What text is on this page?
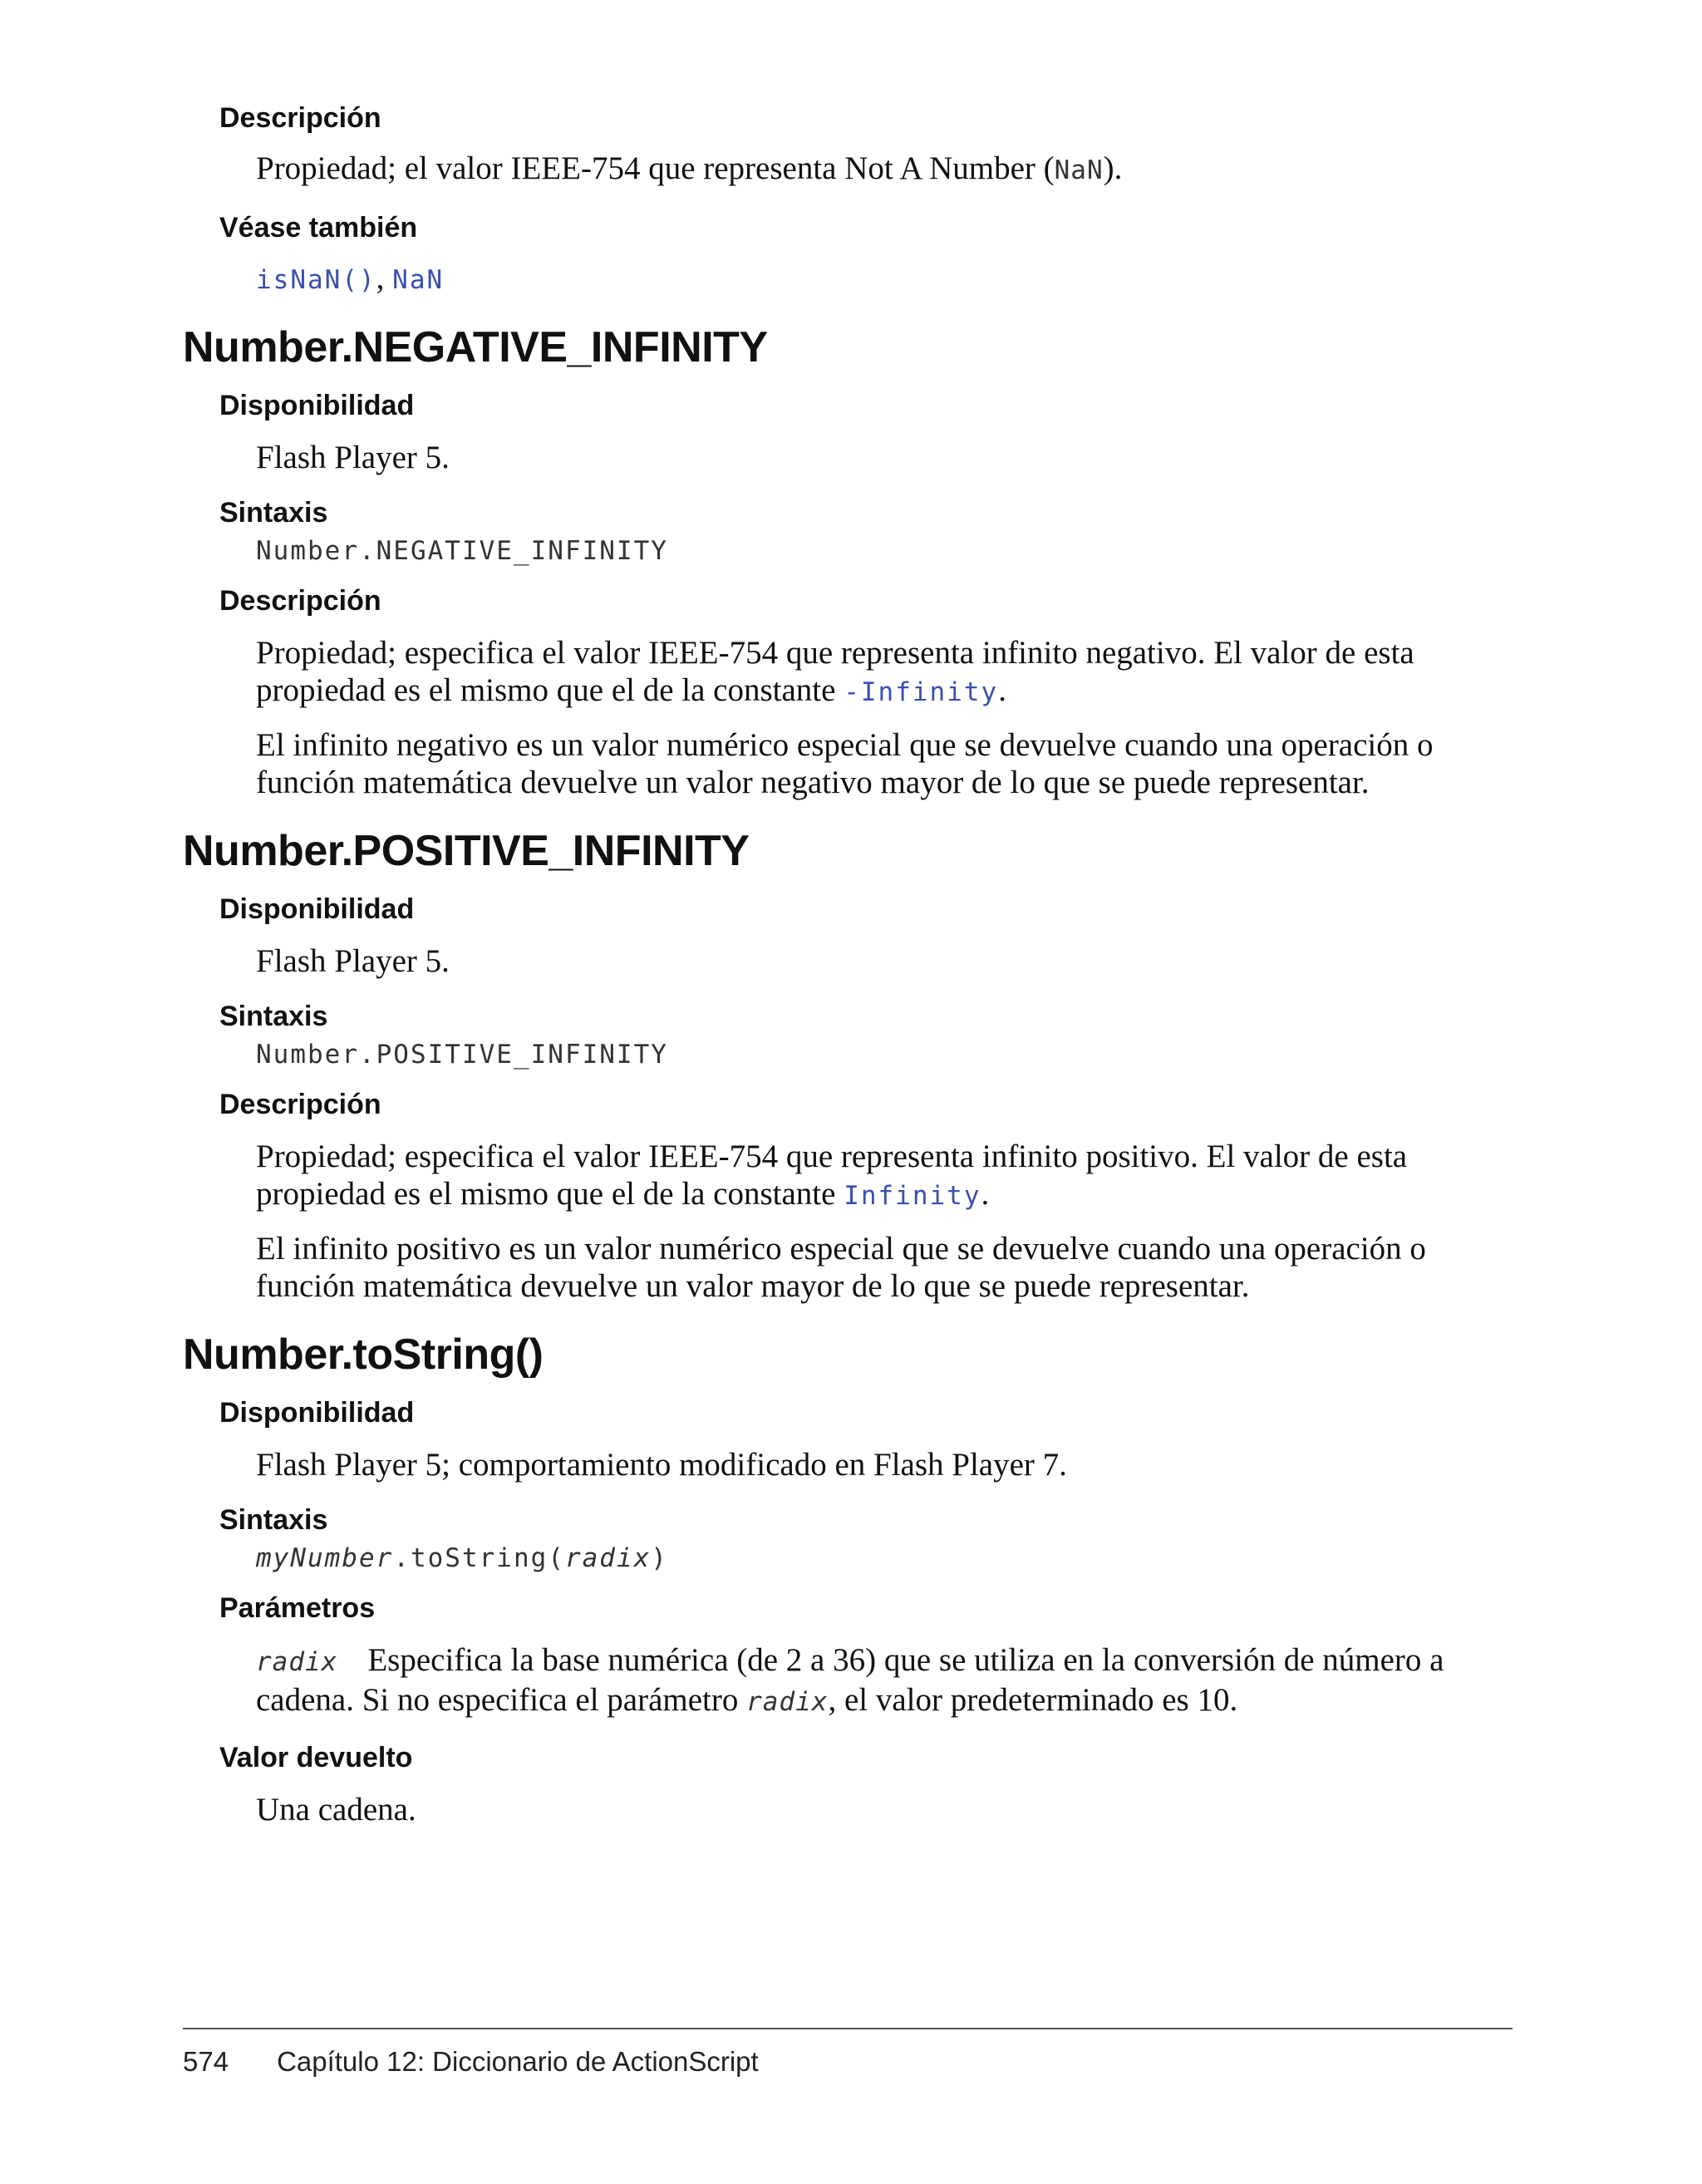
Descripción

Propiedad; el valor IEEE-754 que representa Not A Number (NaN).

Véase también

isNaN(), NaN

Number.NEGATIVE_INFINITY
Disponibilidad

Flash Player 5.

Sintaxis
Number.NEGATIVE_INFINITY
Descripción

Propiedad; especifica el valor IEEE-754 que representa infinito negativo. El valor de esta propiedad es el mismo que el de la constante -Infinity.

El infinito negativo es un valor numérico especial que se devuelve cuando una operación o función matemática devuelve un valor negativo mayor de lo que se puede representar.

Number.POSITIVE_INFINITY
Disponibilidad

Flash Player 5.

Sintaxis
Number.POSITIVE_INFINITY
Descripción

Propiedad; especifica el valor IEEE-754 que representa infinito positivo. El valor de esta propiedad es el mismo que el de la constante Infinity.

El infinito positivo es un valor numérico especial que se devuelve cuando una operación o función matemática devuelve un valor mayor de lo que se puede representar.

Number.toString()
Disponibilidad

Flash Player 5; comportamiento modificado en Flash Player 7.

Sintaxis
myNumber.toString(radix)
Parámetros

radix Especifica la base numérica (de 2 a 36) que se utiliza en la conversión de número a cadena. Si no especifica el parámetro radix, el valor predeterminado es 10.

Valor devuelto

Una cadena.

574 Capítulo 12: Diccionario de ActionScript
